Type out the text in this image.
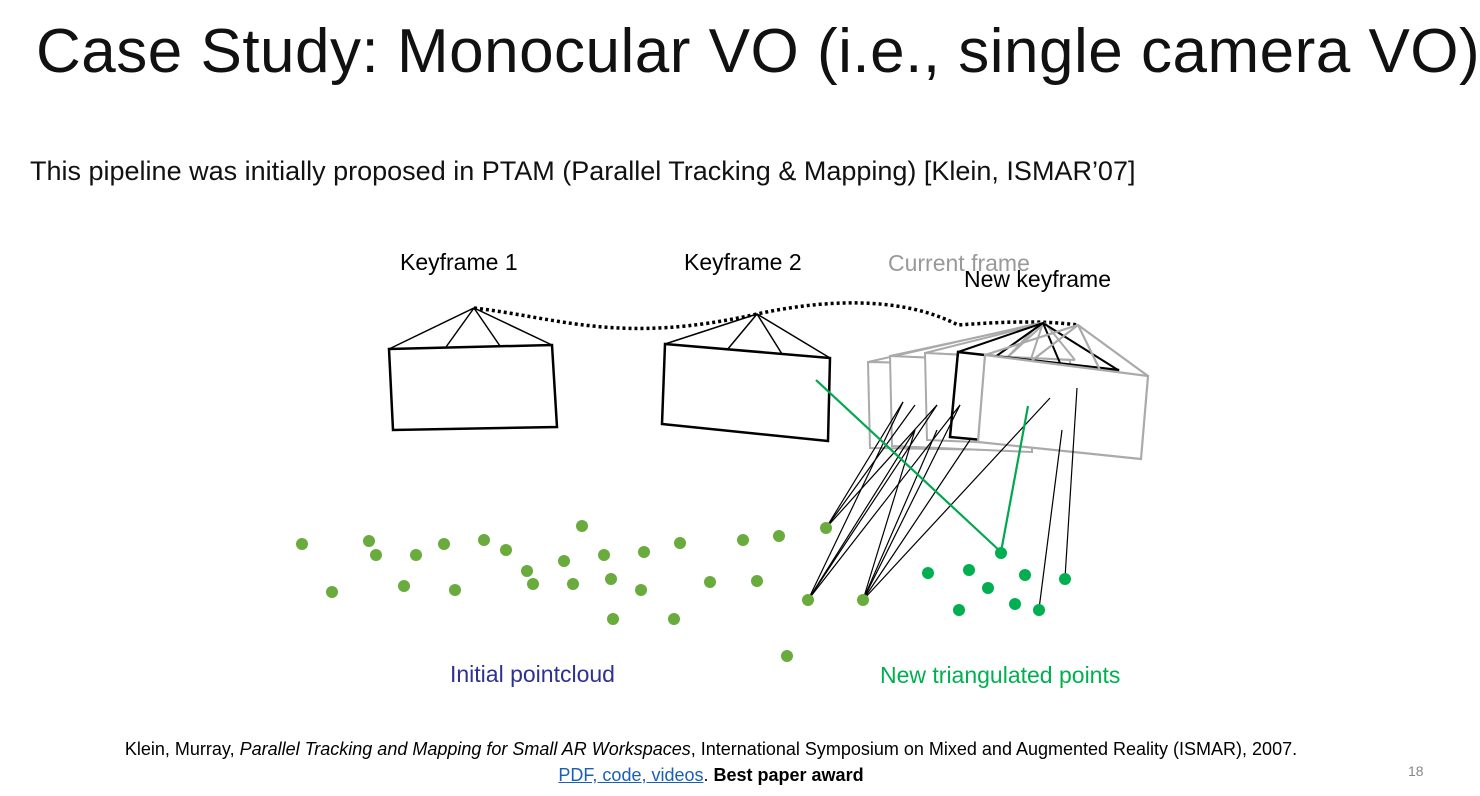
Case Study: Monocular VO (i.e., single camera VO)
This pipeline was initially proposed in PTAM (Parallel Tracking & Mapping) [Klein, ISMAR’07]
Keyframe 1	Keyframe 2	Current frame
New keyframe
Initial pointcloud	New triangulated points
Klein, Murray, Parallel Tracking and Mapping for Small AR Workspaces, International Symposium on Mixed and Augmented Reality (ISMAR), 2007.
PDF, code, videos. Best paper award	18
